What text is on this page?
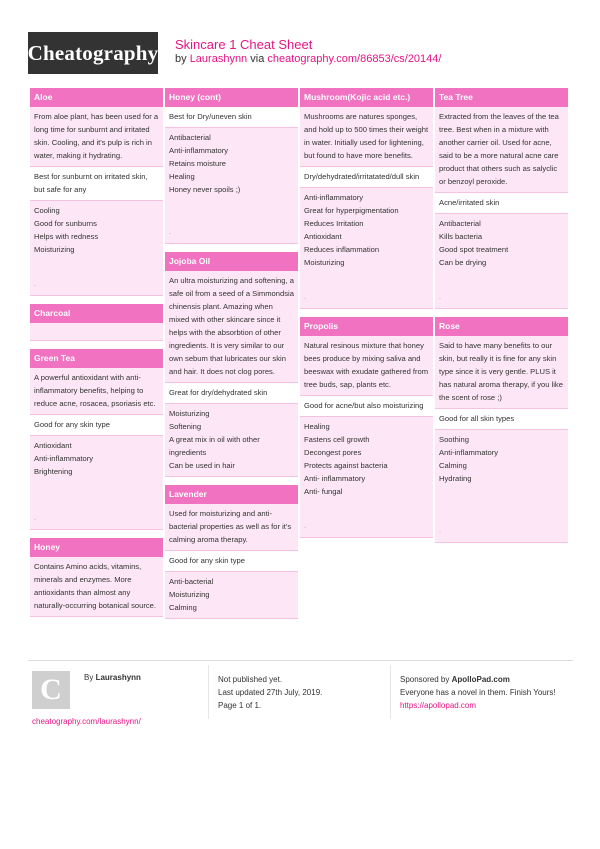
Cheatography Skincare 1 Cheat Sheet
by Laurashynn via cheatography.com/86853/cs/20144/
Aloe
From aloe plant, has been used for a long time for sunburnt and irritated skin. Cooling, and it's pulp is rich in water, making it hydrating.
Best for sunburnt on irritated skin, but safe for any
Cooling
Good for sunburns
Helps with redness
Moisturizing
.
Charcoal
Green Tea
A powerful antioxidant with anti-inflammatory benefits, helping to reduce acne, rosacea, psoriasis etc.
Good for any skin type
Antioxidant
Anti-inflammatory
Brightening
.
Honey
Contains Amino acids, vitamins, minerals and enzymes. More antioxidants than almost any naturally-occurring botanical source.
Honey (cont)
Best for Dry/uneven skin
Antibacterial
Anti-inflammatory
Retains moisture
Healing
Honey never spoils ;)
.
Jojoba Oil
An ultra moisturizing and softening, a safe oil from a seed of a Simmondsia chinensis plant. Amazing when mixed with other skincare since it helps with the absorbtion of other ingredients. It is very similar to our own sebum that lubricates our skin and hair. It does not clog pores.
Great for dry/dehydrated skin
Moisturizing
Softening
A great mix in oil with other ingredients
Can be used in hair
Lavender
Used for moisturizing and anti-bacterial properties as well as for it's calming aroma therapy.
Good for any skin type
Anti-bacterial
Moisturizing
Calming
Mushroom(Kojic acid etc.)
Mushrooms are natures sponges, and hold up to 500 times their weight in water. Initially used for lightening, but found to have more benefits.
Dry/dehydrated/irritatated/dull skin
Anti-inflammatory
Great for hyperpigmentation
Reduces Irritation
Antioxidant
Reduces inflammation
Moisturizing
.
Propolis
Natural resinous mixture that honey bees produce by mixing saliva and beeswax with exudate gathered from tree buds, sap, plants etc.
Good for acne/but also moisturizing
Healing
Fastens cell growth
Decongest pores
Protects against bacteria
Anti- inflammatory
Anti- fungal
.
Tea Tree
Extracted from the leaves of the tea tree. Best when in a mixture with another carrier oil. Used for acne, said to be a more natural acne care product that others such as salyclic or benzoyl peroxide.
Acne/irritated skin
Antibacterial
Kills bacteria
Good spot treatment
Can be drying
.
Rose
Said to have many benefits to our skin, but really it is fine for any skin type since it is very gentle. PLUS it has natural aroma therapy, if you like the scent of rose ;)
Good for all skin types
Soothing
Anti-inflammatory
Calming
Hydrating
.
C	By Laurashynn
cheatography.com/laurashynn/
Not published yet.
Last updated 27th July, 2019.
Page 1 of 1.
Sponsored by ApolloPad.com
Everyone has a novel in them. Finish Yours!
https://apollopad.com
